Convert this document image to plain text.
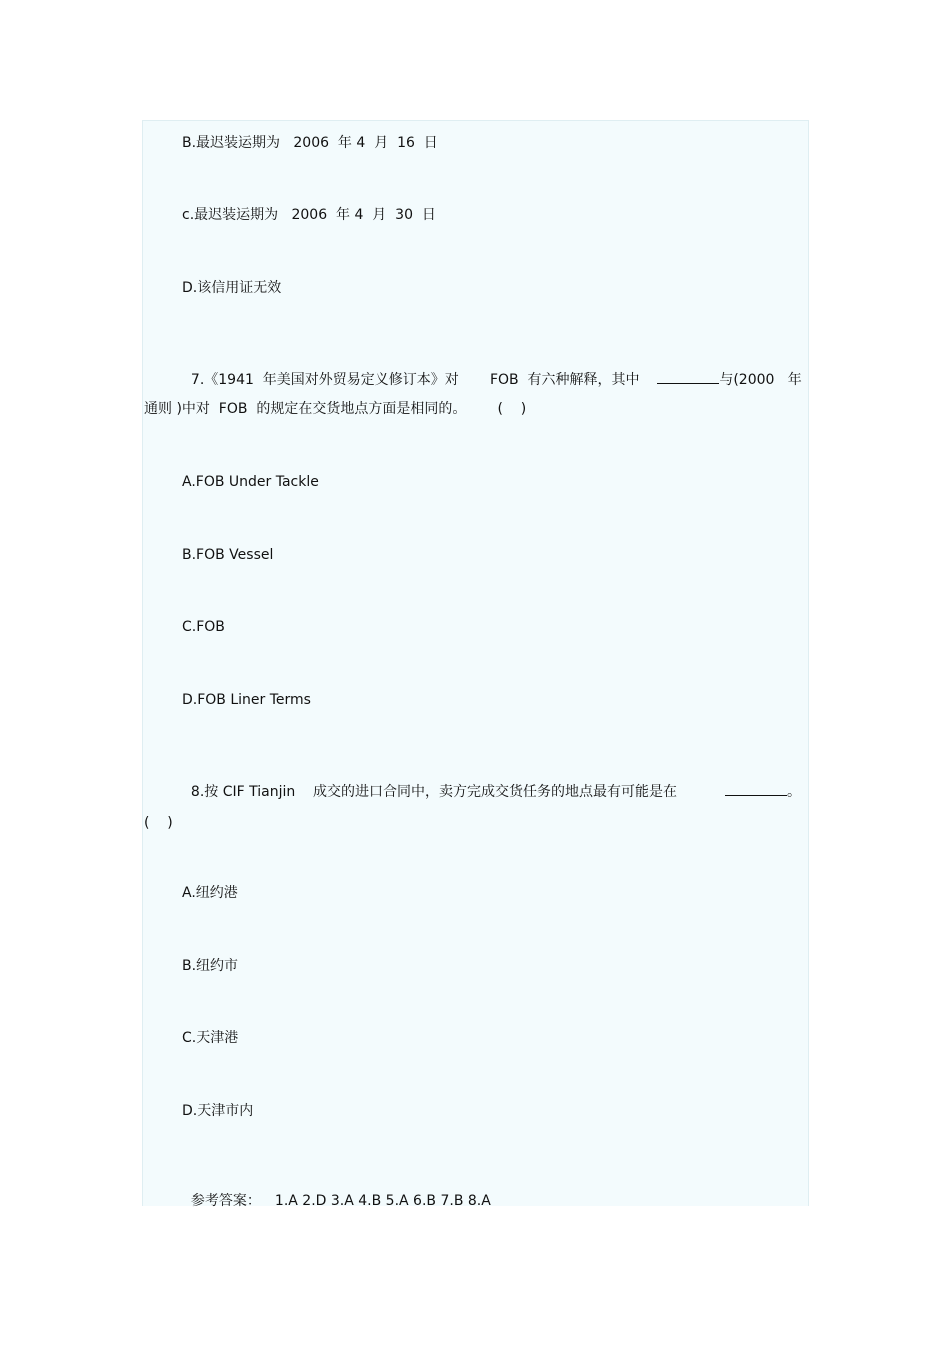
B.最迟装运期为   2006  年 4  月  16  日
c.最迟装运期为   2006  年 4  月  30  日
D.该信用证无效

7.《1941  年美国对外贸易定义修订本》对       FOB  有六种解释，其中	与(2000   年

通则 )中对  FOB  的规定在交货地点方面是相同的。       (    )
A.FOB Under Tackle
B.FOB Vessel
C.FOB
D.FOB Liner Terms

8.按 CIF Tianjin    成交的进口合同中，卖方完成交货任务的地点最有可能是在	。

(    )
A.纽约港
B.纽约市
C.天津港
D.天津市内

参考答案： 1.A 2.D 3.A 4.B 5.A 6.B 7.B 8.A
